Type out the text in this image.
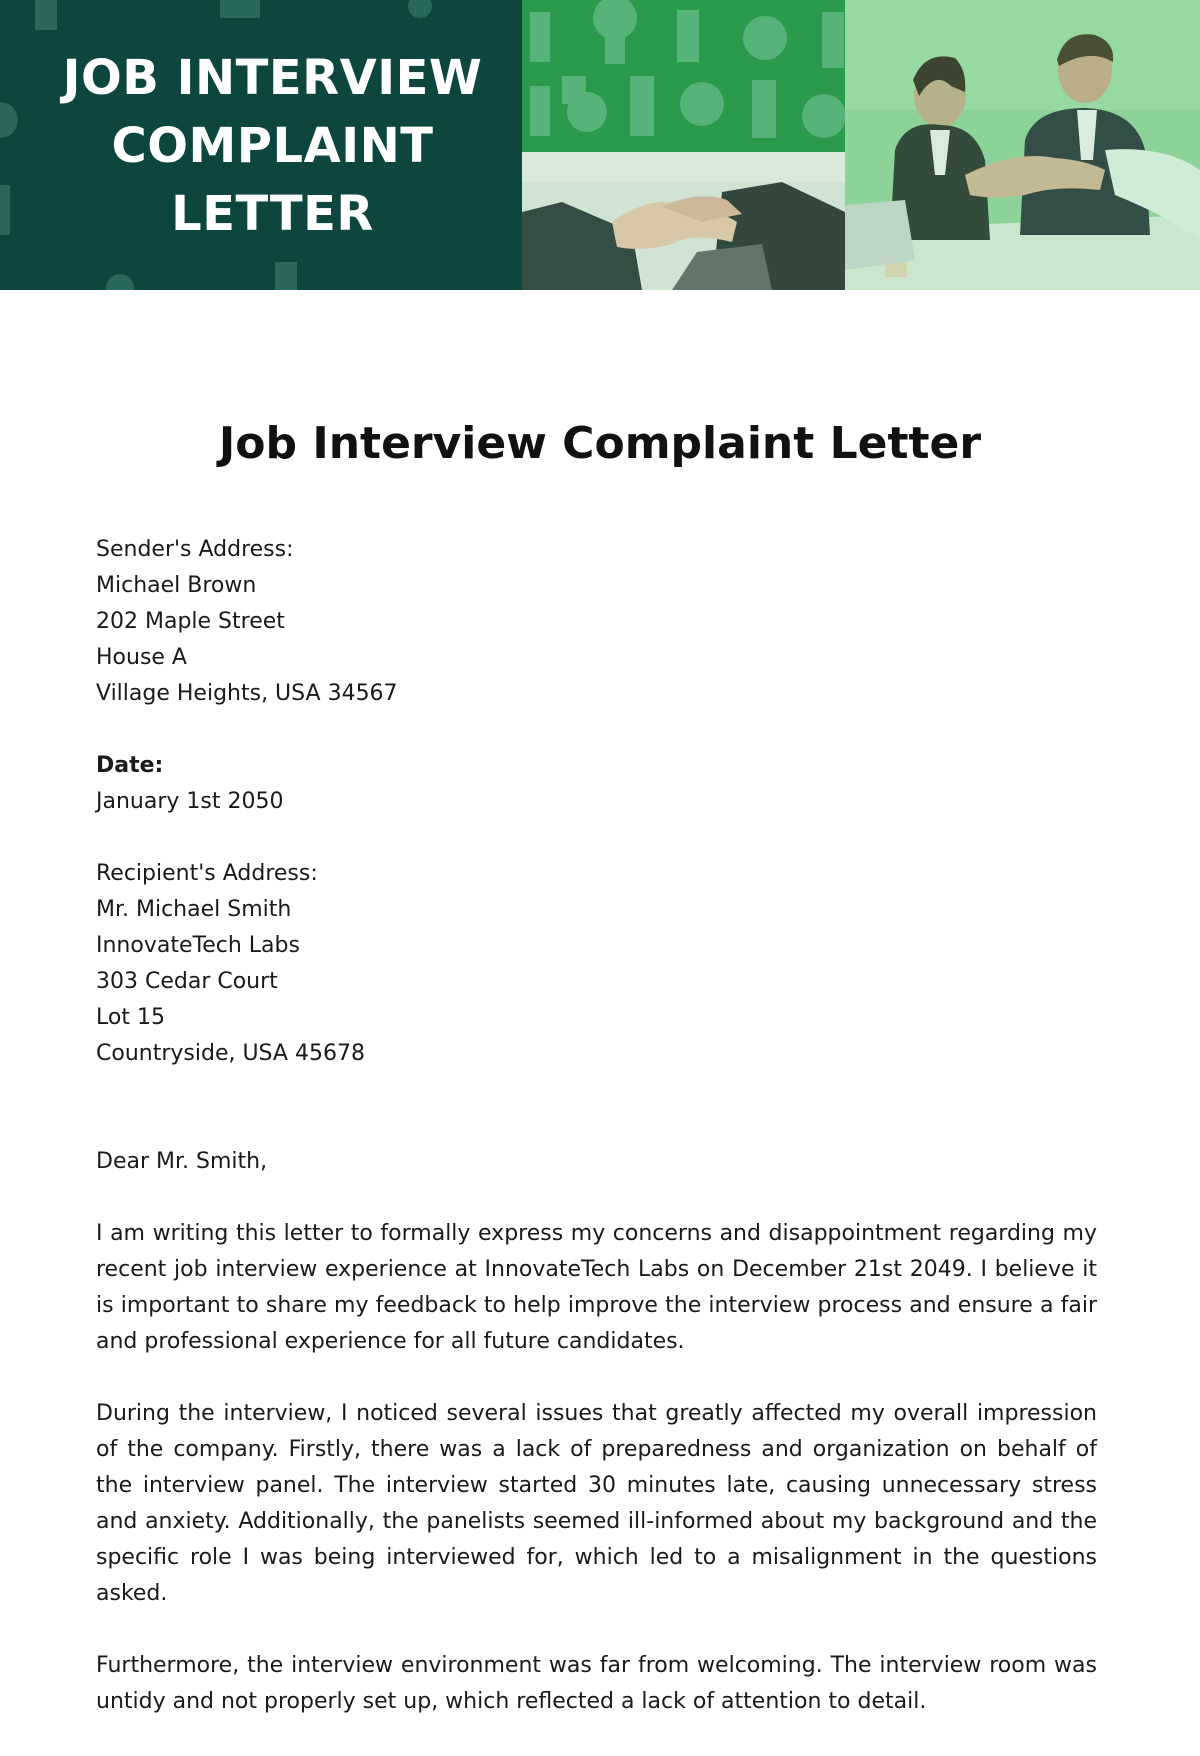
JOB INTERVIEW
COMPLAINT
LETTER
Job Interview Complaint Letter
Sender's Address:
Michael Brown
202 Maple Street
House A
Village Heights, USA 34567
Date:
January 1st 2050
Recipient's Address:
Mr. Michael Smith
InnovateTech Labs
303 Cedar Court
Lot 15
Countryside, USA 45678

Dear Mr. Smith,

I am writing this letter to formally express my concerns and disappointment regarding my recent job interview experience at InnovateTech Labs on December 21st 2049. I believe it is important to share my feedback to help improve the interview process and ensure a fair and professional experience for all future candidates.

During the interview, I noticed several issues that greatly affected my overall impression of the company. Firstly, there was a lack of preparedness and organization on behalf of the interview panel. The interview started 30 minutes late, causing unnecessary stress and anxiety. Additionally, the panelists seemed ill-informed about my background and the specific role I was being interviewed for, which led to a misalignment in the questions asked.

Furthermore, the interview environment was far from welcoming. The interview room was untidy and not properly set up, which reflected a lack of attention to detail.
